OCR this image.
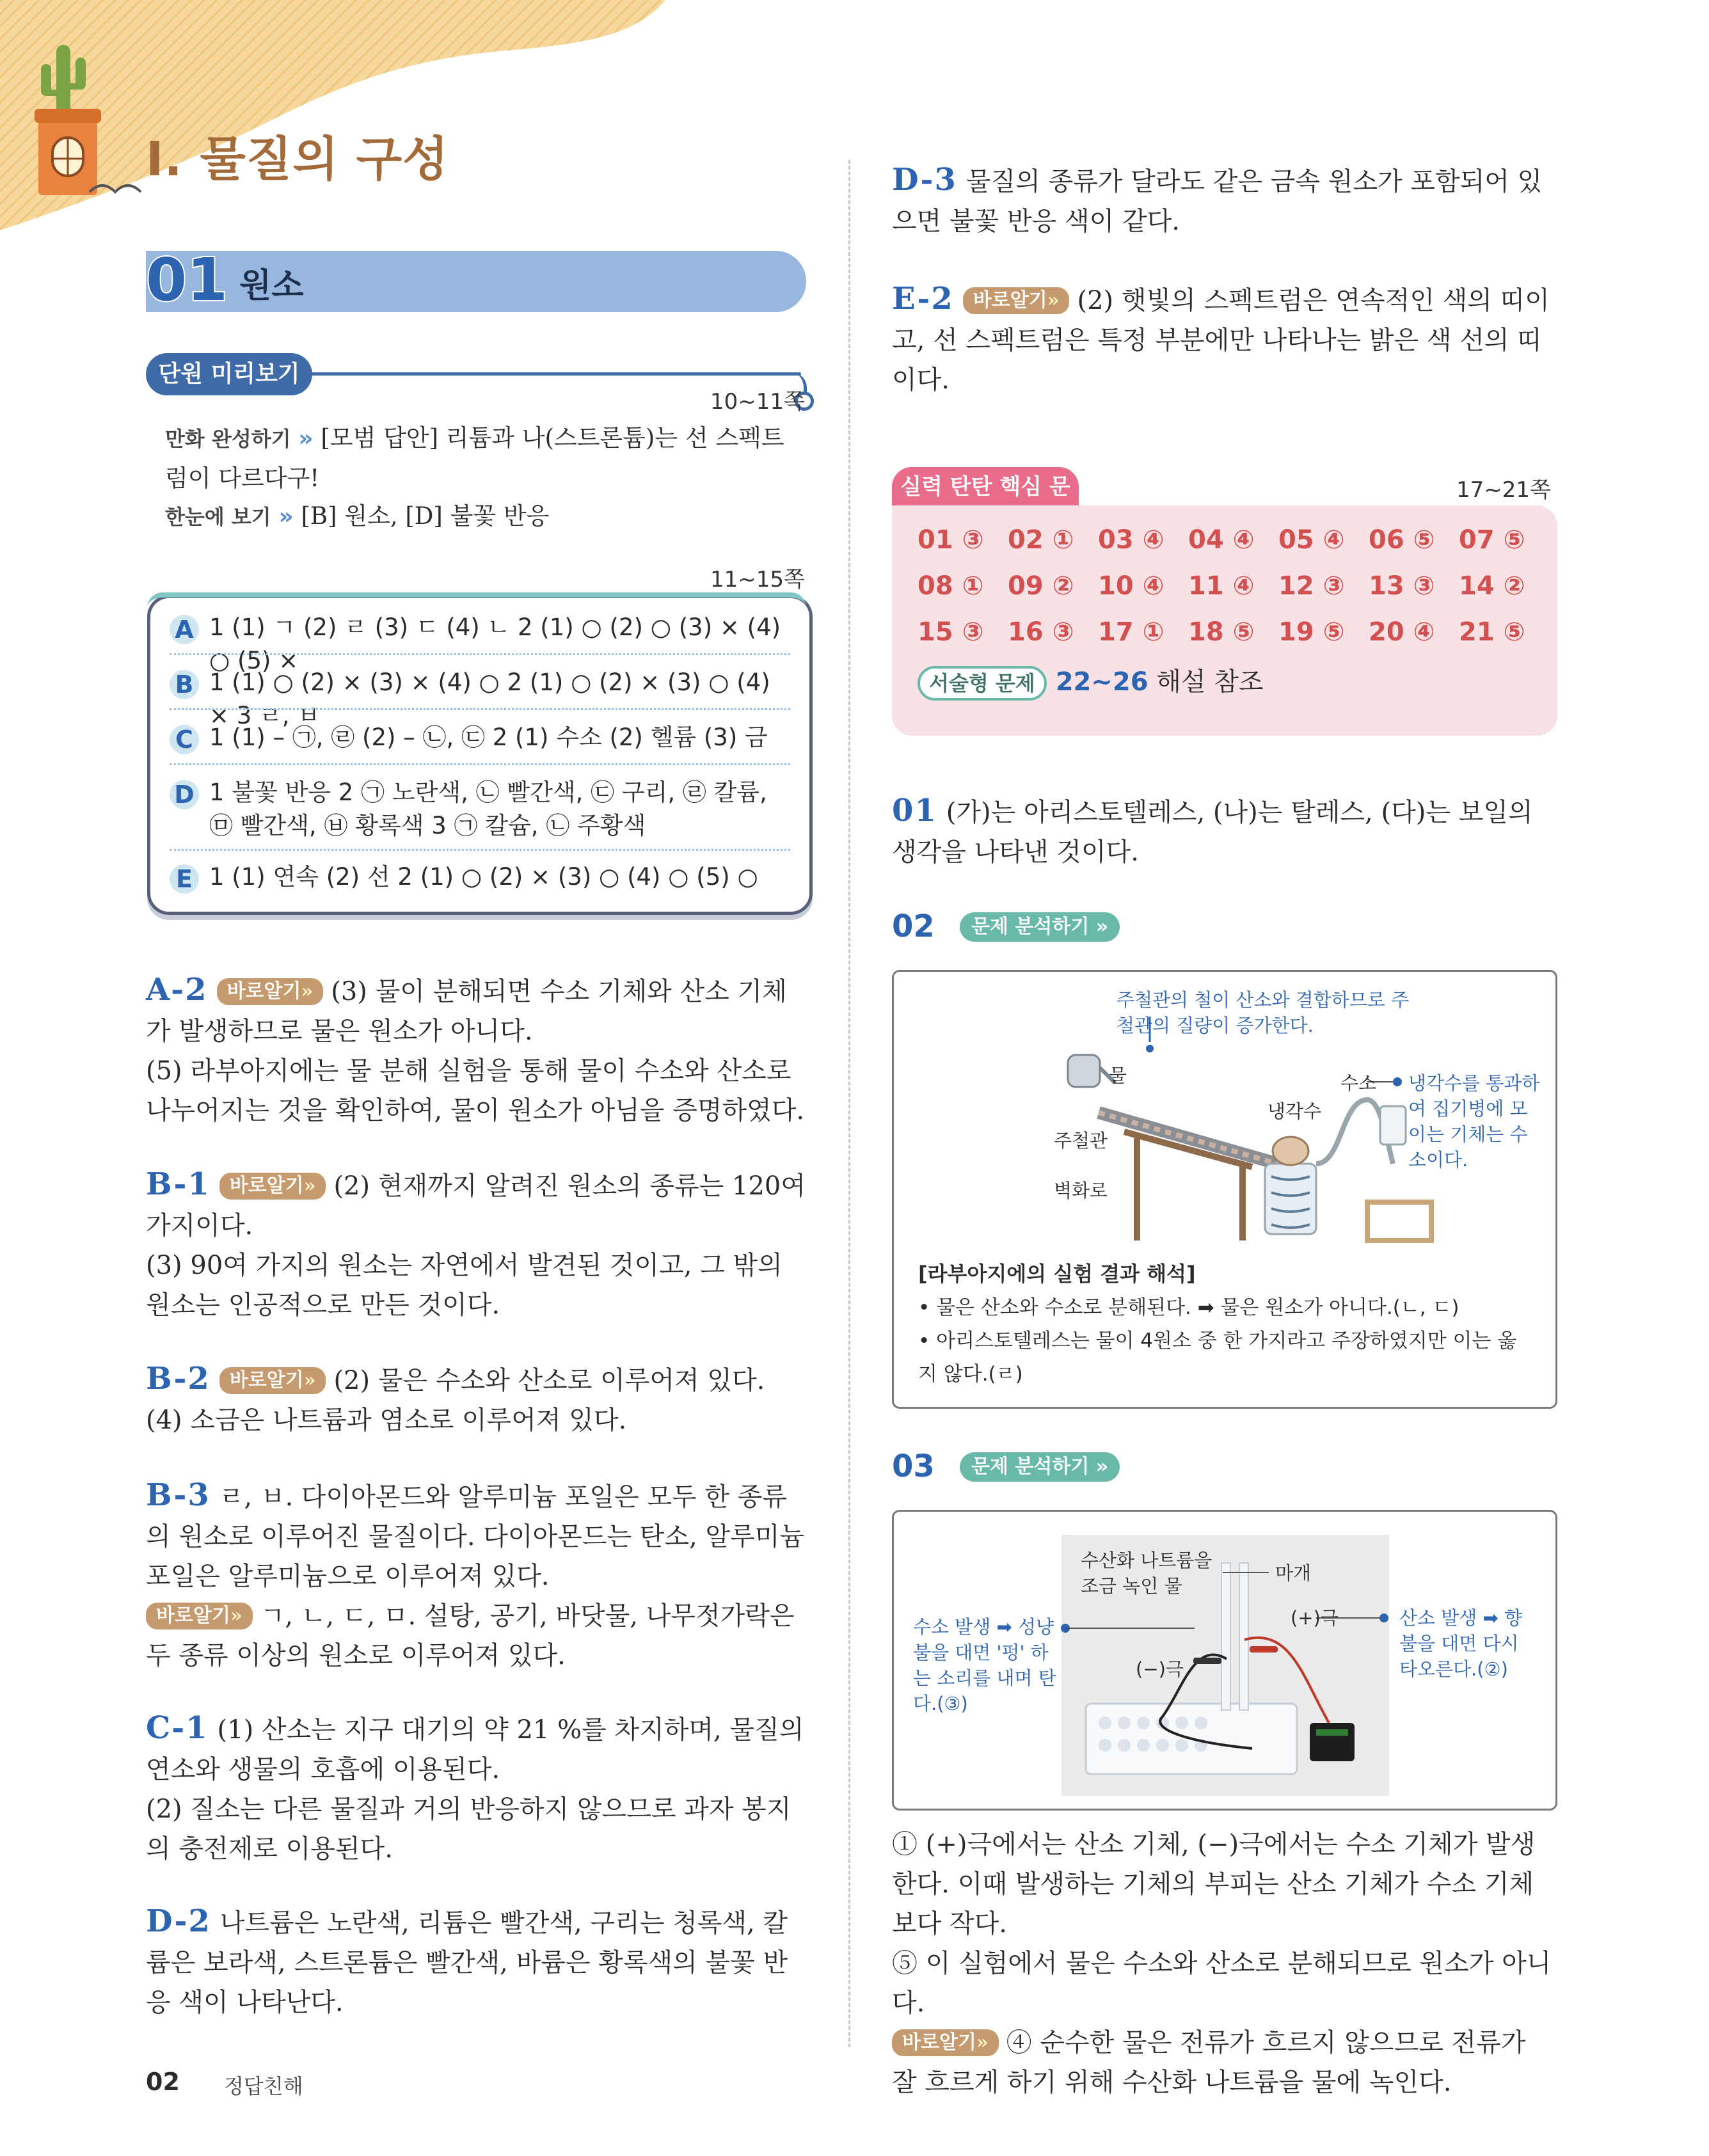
Ⅰ. 물질의 구성
01 원소
단원 미리보기
10~11쪽
만화 완성하기 » [모범 답안] 리튬과 나(스트론튬)는 선 스펙트럼이 다르다구!
한눈에 보기 » [B] 원소, [D] 불꽃 반응
11~15쪽
A 1 (1) ㄱ (2) ㄹ (3) ㄷ (4) ㄴ 2 (1) ○ (2) ○ (3) × (4) ○ (5) ×
B 1 (1) ○ (2) × (3) × (4) ○ 2 (1) ○ (2) × (3) ○ (4) × 3 ㄹ, ㅂ
C 1 (1) – ㉠, ㉣ (2) – ㉡, ㉢ 2 (1) 수소 (2) 헬륨 (3) 금
D 1 불꽃 반응 2 ㉠ 노란색, ㉡ 빨간색, ㉢ 구리, ㉣ 칼륨, ㉤ 빨간색, ㉥ 황록색 3 ㉠ 칼슘, ㉡ 주황색
E 1 (1) 연속 (2) 선 2 (1) ○ (2) × (3) ○ (4) ○ (5) ○
A-2 바로알기» (3) 물이 분해되면 수소 기체와 산소 기체가 발생하므로 물은 원소가 아니다.
(5) 라부아지에는 물 분해 실험을 통해 물이 수소와 산소로 나누어지는 것을 확인하여, 물이 원소가 아님을 증명하였다.
B-1 바로알기» (2) 현재까지 알려진 원소의 종류는 120여 가지이다.
(3) 90여 가지의 원소는 자연에서 발견된 것이고, 그 밖의 원소는 인공적으로 만든 것이다.
B-2 바로알기» (2) 물은 수소와 산소로 이루어져 있다.
(4) 소금은 나트륨과 염소로 이루어져 있다.
B-3 ㄹ, ㅂ. 다이아몬드와 알루미늄 포일은 모두 한 종류의 원소로 이루어진 물질이다. 다이아몬드는 탄소, 알루미늄 포일은 알루미늄으로 이루어져 있다.
바로알기» ㄱ, ㄴ, ㄷ, ㅁ. 설탕, 공기, 바닷물, 나무젓가락은 두 종류 이상의 원소로 이루어져 있다.
C-1 (1) 산소는 지구 대기의 약 21 %를 차지하며, 물질의 연소와 생물의 호흡에 이용된다.
(2) 질소는 다른 물질과 거의 반응하지 않으므로 과자 봉지의 충전제로 이용된다.
D-2 나트륨은 노란색, 리튬은 빨간색, 구리는 청록색, 칼륨은 보라색, 스트론튬은 빨간색, 바륨은 황록색의 불꽃 반응 색이 나타난다.
D-3 물질의 종류가 달라도 같은 금속 원소가 포함되어 있으면 불꽃 반응 색이 같다.
E-2 바로알기» (2) 햇빛의 스펙트럼은 연속적인 색의 띠이고, 선 스펙트럼은 특정 부분에만 나타나는 밝은 색 선의 띠이다.
실력 탄탄 핵심 문	17~21쪽
01 ③ 02 ① 03 ④ 04 ④ 05 ④ 06 ⑤ 07 ⑤
08 ① 09 ② 10 ④ 11 ④ 12 ③ 13 ③ 14 ②
15 ③ 16 ③ 17 ① 18 ⑤ 19 ⑤ 20 ④ 21 ⑤
서술형 문제 22~26 해설 참조
01 (가)는 아리스토텔레스, (나)는 탈레스, (다)는 보일의 생각을 나타낸 것이다.
02	문제 분석하기 »
주철관의 철이 산소와 결합하므로 주철관의 질량이 증가한다.
물
주철관
벽화로
냉각수
수소 냉각수를 통과하여 집기병에 모이는 기체는 수소이다.
[라부아지에의 실험 결과 해석]
• 물은 산소와 수소로 분해된다. ➡ 물은 원소가 아니다.(ㄴ, ㄷ)
• 아리스토텔레스는 물이 4원소 중 한 가지라고 주장하였지만 이는 옳지 않다.(ㄹ)
03	문제 분석하기 »
수산화 나트륨을 조금 녹인 물
마개
(+)극
(−)극
수소 발생 ➡ 성냥불을 대면 '펑' 하는 소리를 내며 탄다.(③)
산소 발생 ➡ 향불을 대면 다시 타오른다.(②)
① (+)극에서는 산소 기체, (−)극에서는 수소 기체가 발생한다. 이때 발생하는 기체의 부피는 산소 기체가 수소 기체보다 작다.
⑤ 이 실험에서 물은 수소와 산소로 분해되므로 원소가 아니다.
바로알기» ④ 순수한 물은 전류가 흐르지 않으므로 전류가 잘 흐르게 하기 위해 수산화 나트륨을 물에 녹인다.
02 정답친해
